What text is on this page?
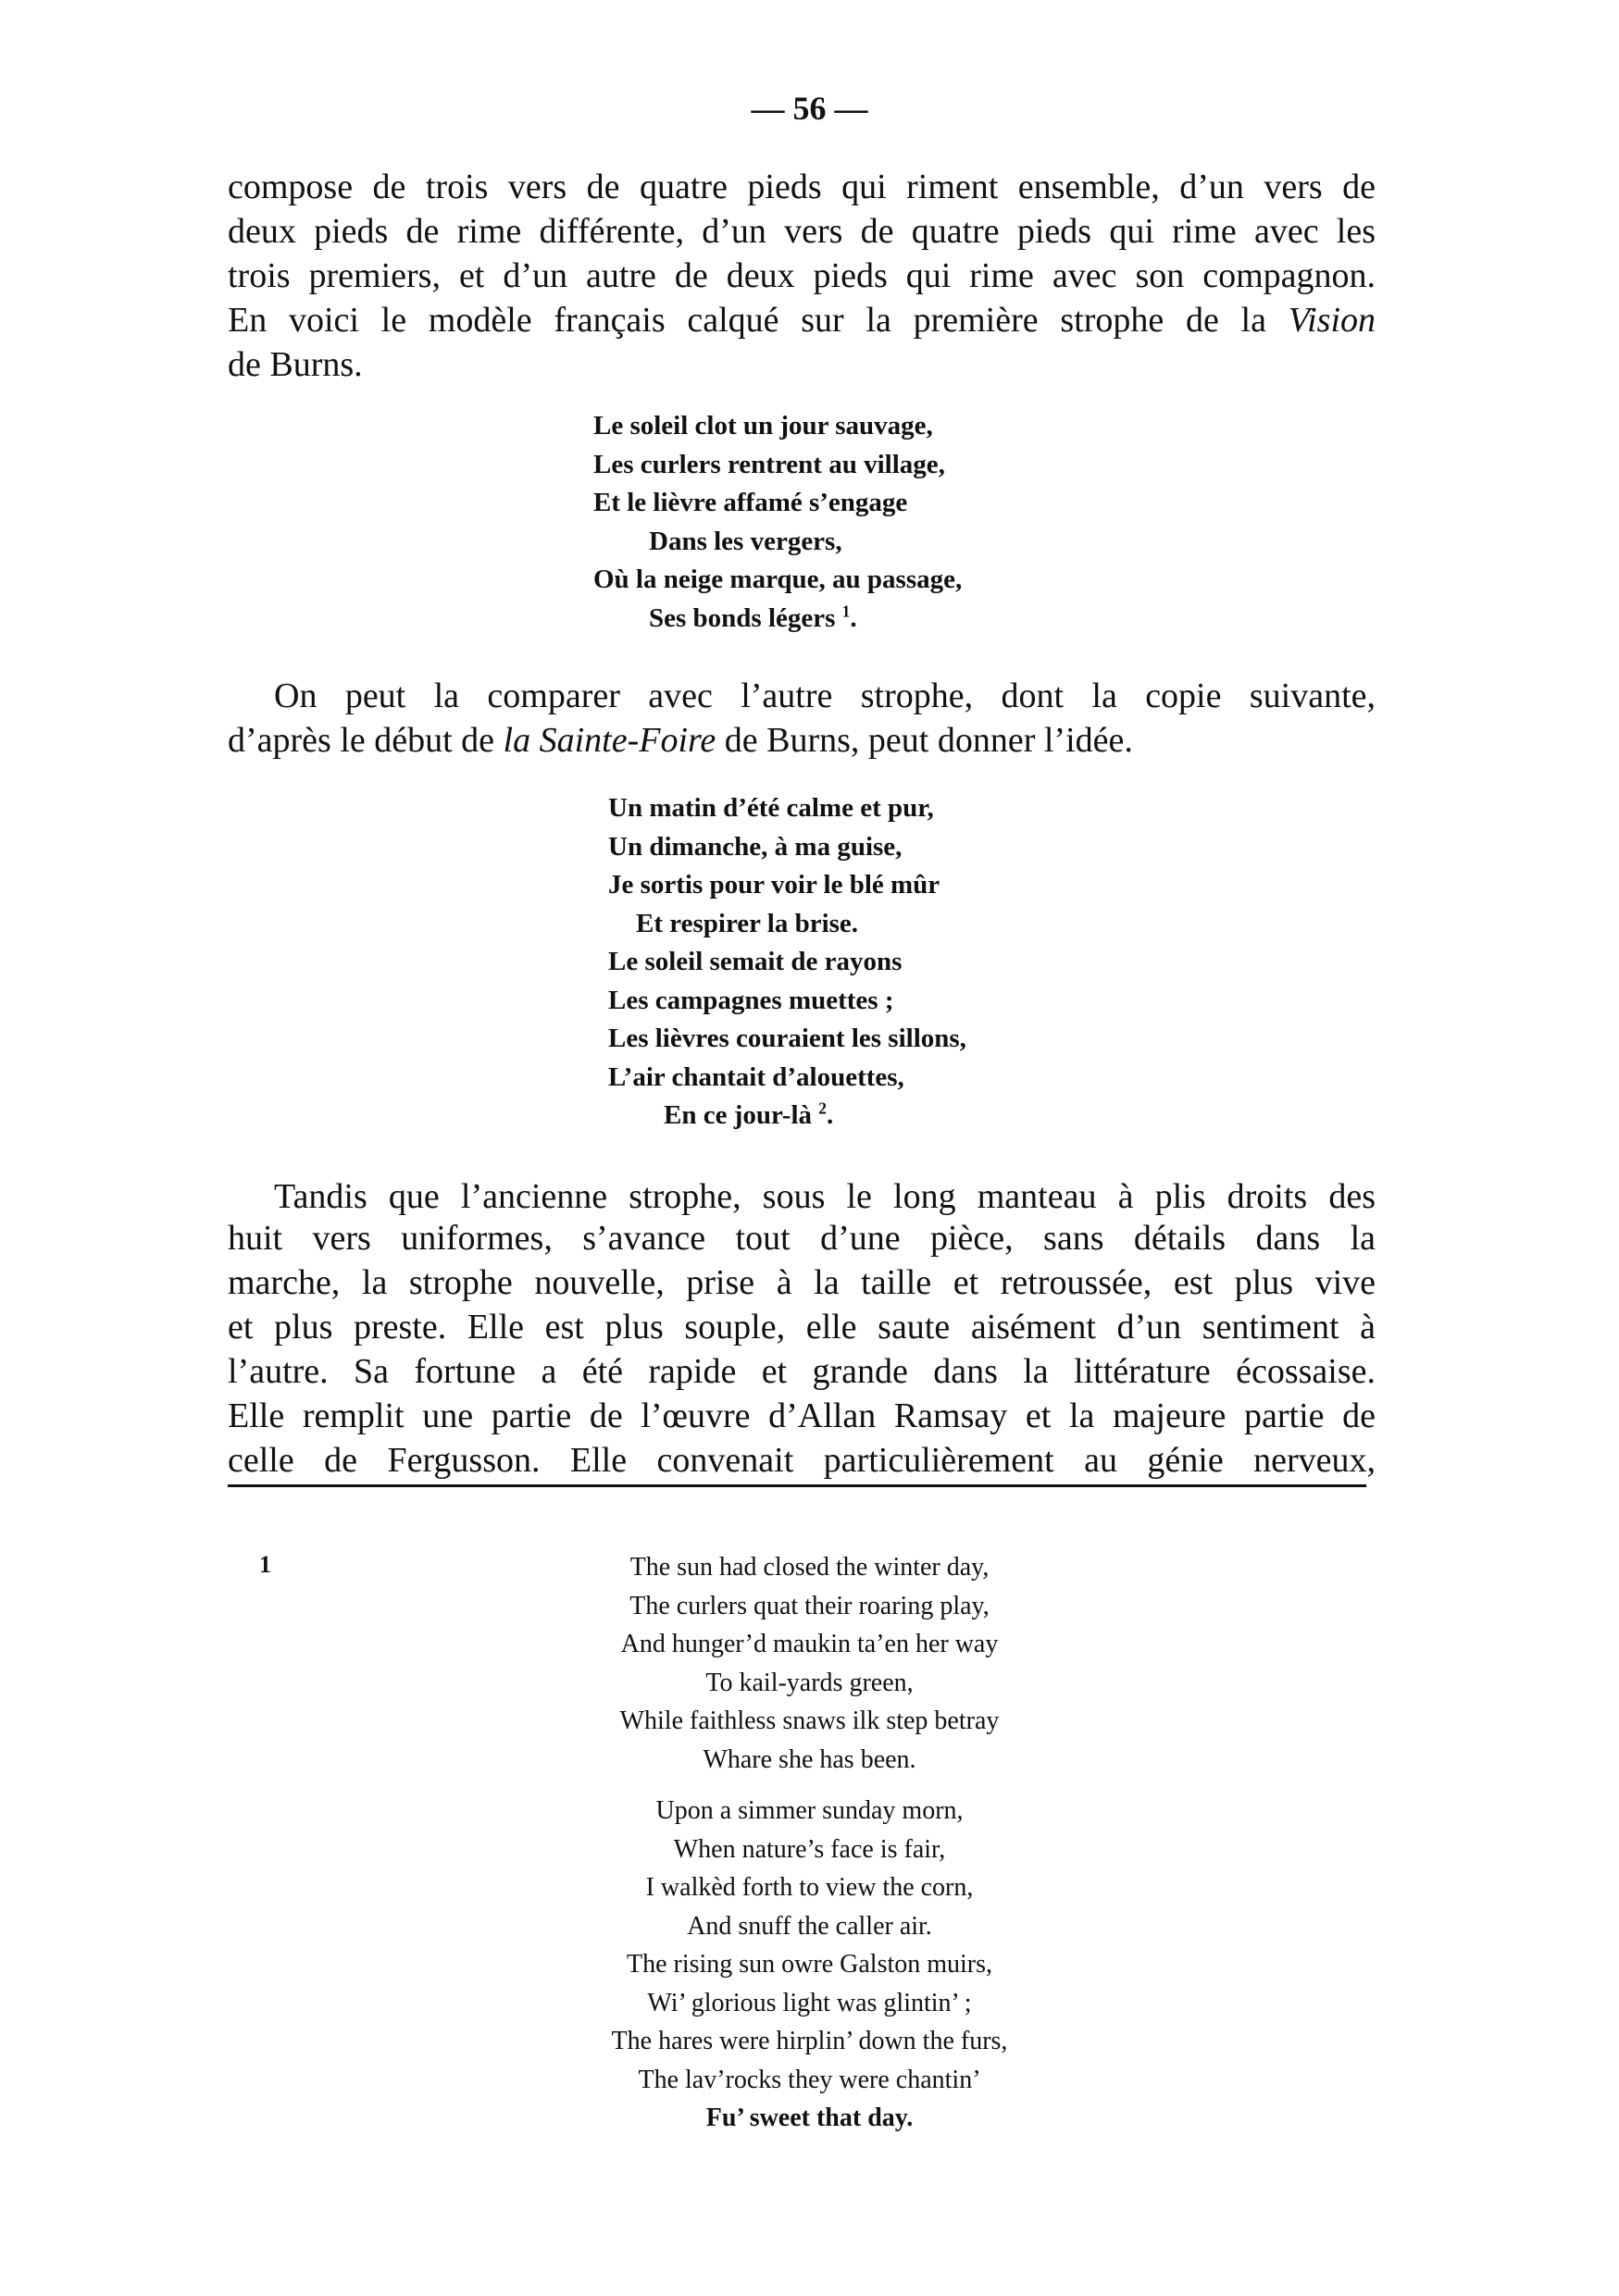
— 56 —
compose de trois vers de quatre pieds qui riment ensemble, d’un vers de
deux pieds de rime différente, d’un vers de quatre pieds qui rime avec les
trois premiers, et d’un autre de deux pieds qui rime avec son compagnon.
En voici le modèle français calqué sur la première strophe de la Vision
de Burns.
Le soleil clot un jour sauvage,
Les curlers rentrent au village,
Et le lièvre affamé s’engage
Dans les vergers,
Où la neige marque, au passage,
Ses bonds légers $^1$.
On peut la comparer avec l’autre strophe, dont la copie suivante,
d’après le début de la Sainte-Foire de Burns, peut donner l’idée.
Un matin d’été calme et pur,
Un dimanche, à ma guise,
Je sortis pour voir le blé mûr
Et respirer la brise.
Le soleil semait de rayons
Les campagnes muettes ;
Les lièvres couraient les sillons,
L’air chantait d’alouettes,
En ce jour-là $^2$.
Tandis que l’ancienne strophe, sous le long manteau à plis droits des
huit vers uniformes, s’avance tout d’une pièce, sans détails dans la
marche, la strophe nouvelle, prise à la taille et retroussée, est plus vive
et plus preste. Elle est plus souple, elle saute aisément d’un sentiment à
l’autre. Sa fortune a été rapide et grande dans la littérature écossaise.
Elle remplit une partie de l’œuvre d’Allan Ramsay et la majeure partie de
celle de Fergusson. Elle convenait particulièrement au génie nerveux,
1	The sun had closed the winter day,
The curlers quat their roaring play,
And hunger’d maukin ta’en her way
To kail-yards green,
While faithless snaws ilk step betray
Whare she has been.
Upon a simmer sunday morn,
When nature’s face is fair,
I walkèd forth to view the corn,
And snuff the caller air.
The rising sun owre Galston muirs,
Wi’ glorious light was glintin’ ;
The hares were hirplin’ down the furs,
The lav’rocks they were chantin’
Fu’ sweet that day.
